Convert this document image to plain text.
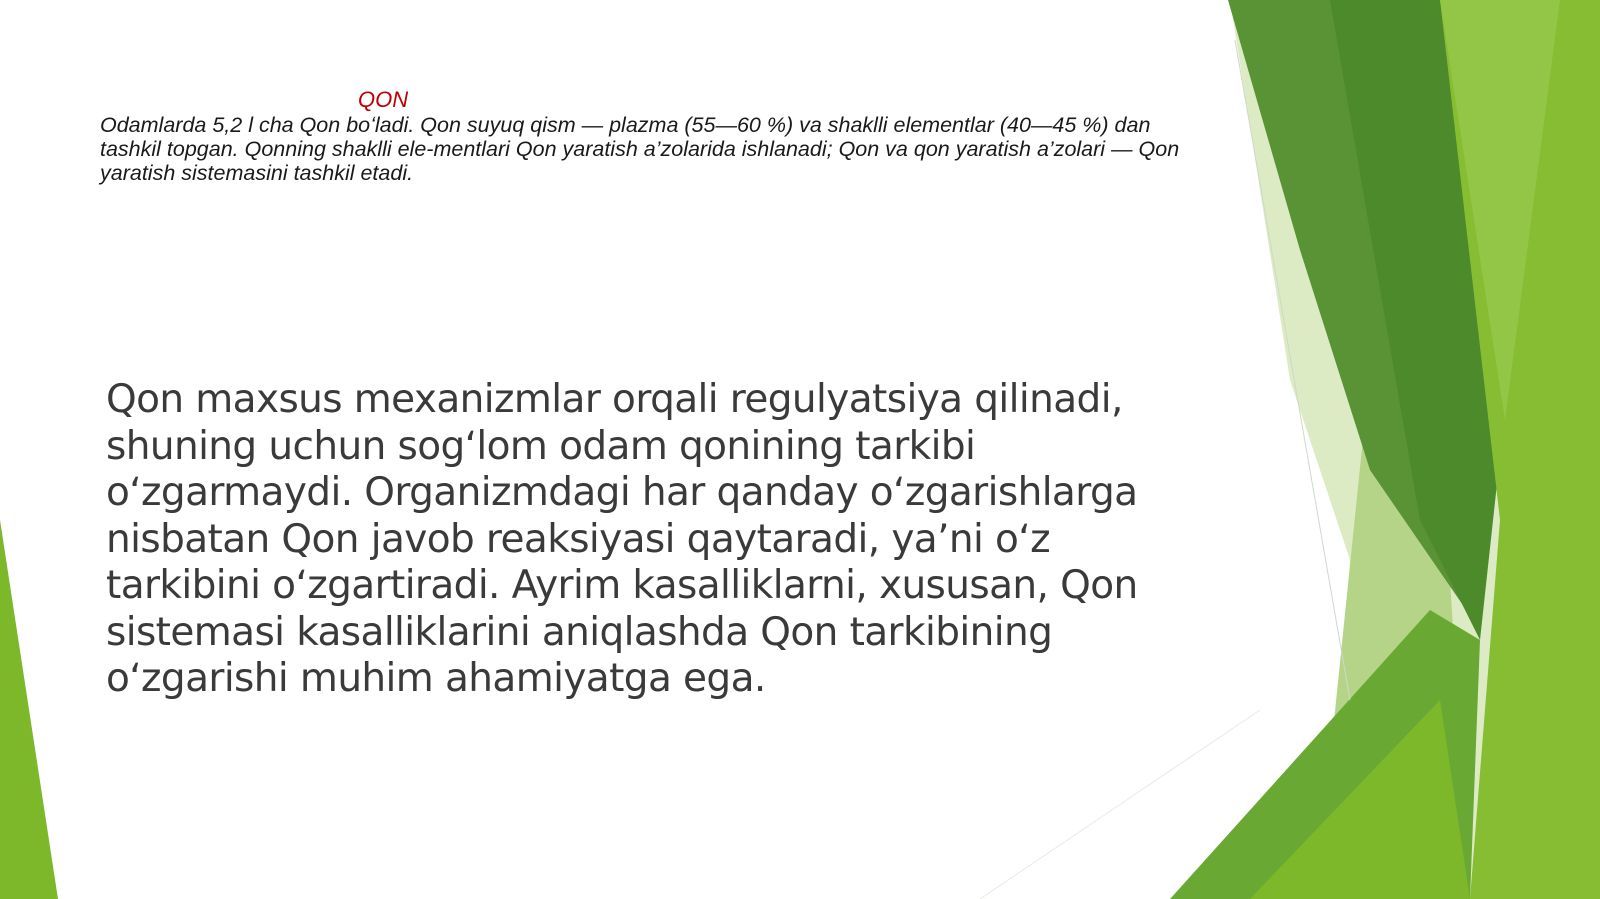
QON

Odamlarda 5,2 l cha Qon boʻladi. Qon suyuq qism — plazma (55—60 %) va shaklli elementlar (40—45 %) dan tashkil topgan. Qonning shaklli ele-mentlari Qon yaratish a’zolarida ishlanadi; Qon va qon yaratish a’zolari — Qon yaratish sistemasini tashkil etadi.

Qon maxsus mexanizmlar orqali regulyatsiya qilinadi, shuning uchun sogʻlom odam qonining tarkibi oʻzgarmaydi. Organizmdagi har qanday oʻzgarishlarga nisbatan Qon javob reaksiyasi qaytaradi, yaʼni oʻz tarkibini oʻzgartiradi. Ayrim kasalliklarni, xususan, Qon sistemasi kasalliklarini aniqlashda Qon tarkibining oʻzgarishi muhim ahamiyatga ega.
